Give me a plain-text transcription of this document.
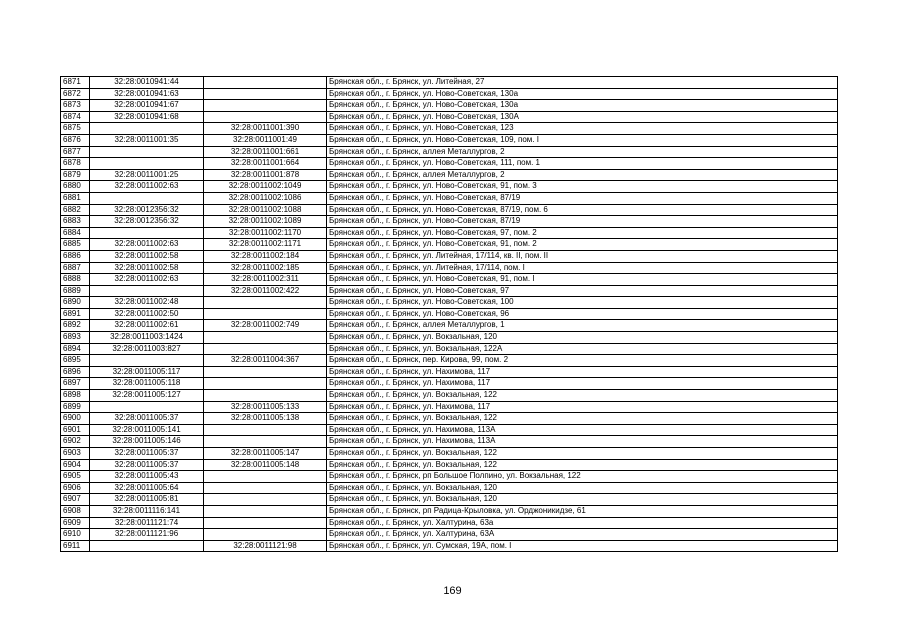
6871	32:28:0010941:44		Брянская обл., г. Брянск, ул. Литейная, 27
6872	32:28:0010941:63		Брянская обл., г. Брянск, ул. Ново-Советская, 130а
6873	32:28:0010941:67		Брянская обл., г. Брянск, ул. Ново-Советская, 130а
6874	32:28:0010941:68		Брянская обл., г. Брянск, ул. Ново-Советская, 130А
6875		32:28:0011001:390	Брянская обл., г. Брянск, ул. Ново-Советская, 123
6876	32:28:0011001:35	32:28:0011001:49	Брянская обл., г. Брянск, ул. Ново-Советская, 109, пом. I
6877		32:28:0011001:661	Брянская обл., г. Брянск, аллея Металлургов, 2
6878		32:28:0011001:664	Брянская обл., г. Брянск, ул. Ново-Советская, 111, пом. 1
6879	32:28:0011001:25	32:28:0011001:878	Брянская обл., г. Брянск, аллея Металлургов, 2
6880	32:28:0011002:63	32:28:0011002:1049	Брянская обл., г. Брянск, ул. Ново-Советская, 91, пом. 3
6881		32:28:0011002:1086	Брянская обл., г. Брянск, ул. Ново-Советская, 87/19
6882	32:28:0012356:32	32:28:0011002:1088	Брянская обл., г. Брянск, ул. Ново-Советская, 87/19, пом. 6
6883	32:28:0012356:32	32:28:0011002:1089	Брянская обл., г. Брянск, ул. Ново-Советская, 87/19
6884		32:28:0011002:1170	Брянская обл., г. Брянск, ул. Ново-Советская, 97, пом. 2
6885	32:28:0011002:63	32:28:0011002:1171	Брянская обл., г. Брянск, ул. Ново-Советская, 91, пом. 2
6886	32:28:0011002:58	32:28:0011002:184	Брянская обл., г. Брянск, ул. Литейная, 17/114, кв. II, пом. II
6887	32:28:0011002:58	32:28:0011002:185	Брянская обл., г. Брянск, ул. Литейная, 17/114, пом. I
6888	32:28:0011002:63	32:28:0011002:311	Брянская обл., г. Брянск, ул. Ново-Советская, 91, пом. I
6889		32:28:0011002:422	Брянская обл., г. Брянск, ул. Ново-Советская, 97
6890	32:28:0011002:48		Брянская обл., г. Брянск, ул. Ново-Советская, 100
6891	32:28:0011002:50		Брянская обл., г. Брянск, ул. Ново-Советская, 96
6892	32:28:0011002:61	32:28:0011002:749	Брянская обл., г. Брянск, аллея Металлургов, 1
6893	32:28:0011003:1424		Брянская обл., г. Брянск, ул. Вокзальная, 120
6894	32:28:0011003:827		Брянская обл., г. Брянск, ул. Вокзальная, 122А
6895		32:28:0011004:367	Брянская обл., г. Брянск, пер. Кирова, 99, пом. 2
6896	32:28:0011005:117		Брянская обл., г. Брянск, ул. Нахимова, 117
6897	32:28:0011005:118		Брянская обл., г. Брянск, ул. Нахимова, 117
6898	32:28:0011005:127		Брянская обл., г. Брянск, ул. Вокзальная, 122
6899		32:28:0011005:133	Брянская обл., г. Брянск, ул. Нахимова, 117
6900	32:28:0011005:37	32:28:0011005:138	Брянская обл., г. Брянск, ул. Вокзальная, 122
6901	32:28:0011005:141		Брянская обл., г. Брянск, ул. Нахимова, 113А
6902	32:28:0011005:146		Брянская обл., г. Брянск, ул. Нахимова, 113А
6903	32:28:0011005:37	32:28:0011005:147	Брянская обл., г. Брянск, ул. Вокзальная, 122
6904	32:28:0011005:37	32:28:0011005:148	Брянская обл., г. Брянск, ул. Вокзальная, 122
6905	32:28:0011005:43		Брянская обл., г. Брянск, рп Большое Полпино, ул. Вокзальная, 122
6906	32:28:0011005:64		Брянская обл., г. Брянск, ул. Вокзальная, 120
6907	32:28:0011005:81		Брянская обл., г. Брянск, ул. Вокзальная, 120
6908	32:28:0011116:141		Брянская обл., г. Брянск, рп Радица-Крыловка, ул. Орджоникидзе, 61
6909	32:28:0011121:74		Брянская обл., г. Брянск, ул. Халтурина, 63а
6910	32:28:0011121:96		Брянская обл., г. Брянск, ул. Халтурина, 63А
6911		32:28:0011121:98	Брянская обл., г. Брянск, ул. Сумская, 19А, пом. I
169
